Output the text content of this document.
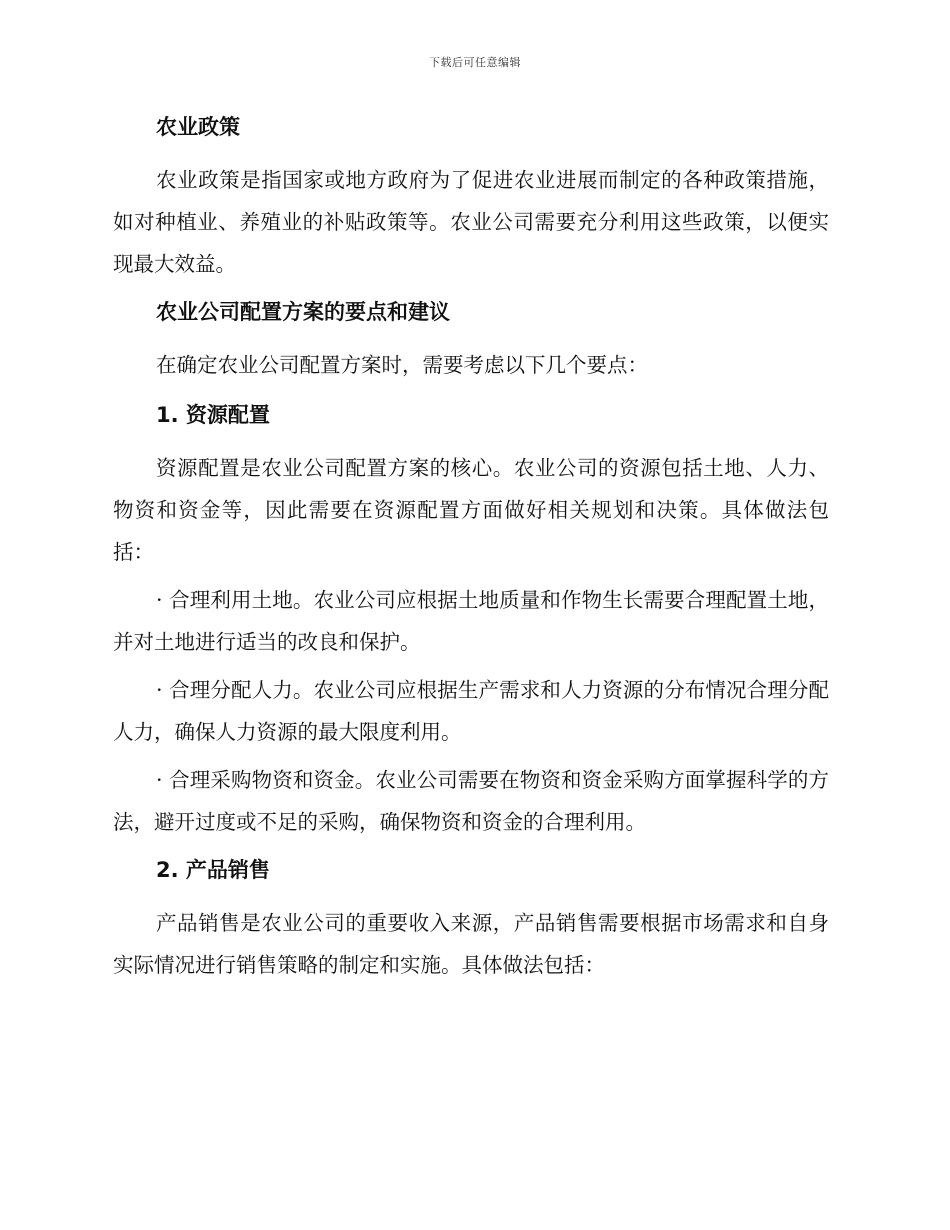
下载后可任意编辑
农业政策
农业政策是指国家或地方政府为了促进农业进展而制定的各种政策措施，如对种植业、养殖业的补贴政策等。农业公司需要充分利用这些政策，以便实现最大效益。
农业公司配置方案的要点和建议
在确定农业公司配置方案时，需要考虑以下几个要点：
1. 资源配置
资源配置是农业公司配置方案的核心。农业公司的资源包括土地、人力、物资和资金等，因此需要在资源配置方面做好相关规划和决策。具体做法包括：
· 合理利用土地。农业公司应根据土地质量和作物生长需要合理配置土地，并对土地进行适当的改良和保护。
· 合理分配人力。农业公司应根据生产需求和人力资源的分布情况合理分配人力，确保人力资源的最大限度利用。
· 合理采购物资和资金。农业公司需要在物资和资金采购方面掌握科学的方法，避开过度或不足的采购，确保物资和资金的合理利用。
2. 产品销售
产品销售是农业公司的重要收入来源，产品销售需要根据市场需求和自身实际情况进行销售策略的制定和实施。具体做法包括：
